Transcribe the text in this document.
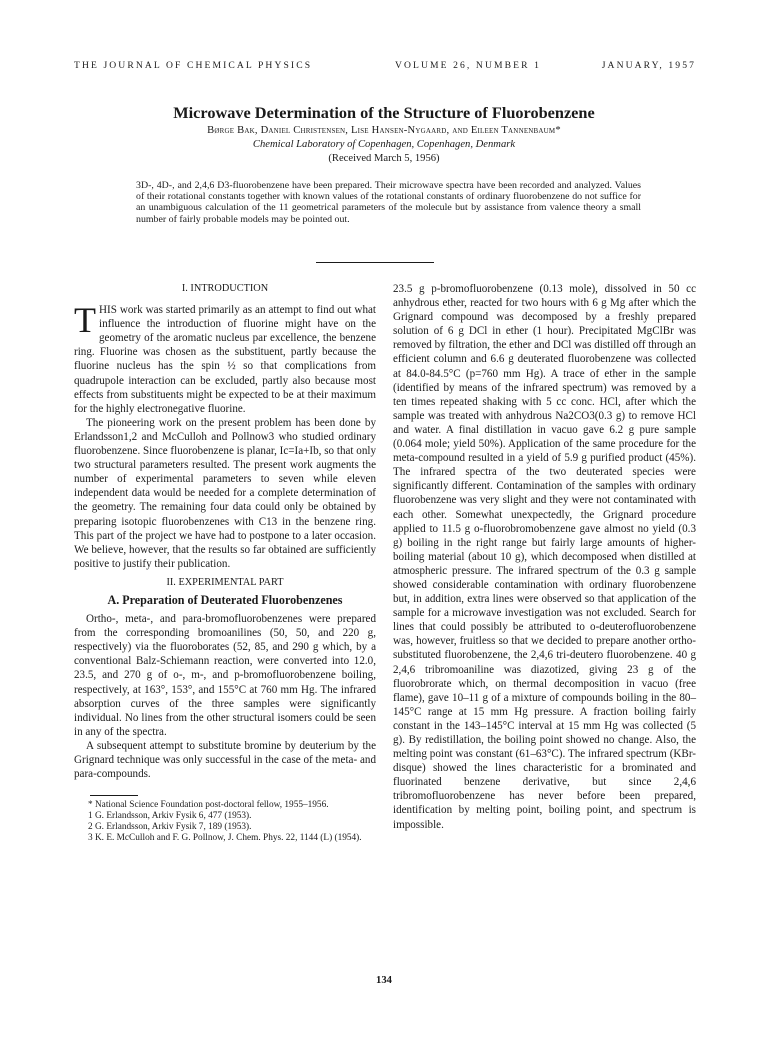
THE JOURNAL OF CHEMICAL PHYSICS	VOLUME 26, NUMBER 1	JANUARY, 1957
Microwave Determination of the Structure of Fluorobenzene
Børge Bak, Daniel Christensen, Lise Hansen-Nygaard, and Eileen Tannenbaum*
Chemical Laboratory of Copenhagen, Copenhagen, Denmark
(Received March 5, 1956)
3D-, 4D-, and 2,4,6 D3-fluorobenzene have been prepared. Their microwave spectra have been recorded and analyzed. Values of their rotational constants together with known values of the rotational constants of ordinary fluorobenzene do not suffice for an unambiguous calculation of the 11 geometrical parameters of the molecule but by assistance from valence theory a small number of fairly probable models may be pointed out.
I. INTRODUCTION

THIS work was started primarily as an attempt to find out what influence the introduction of fluorine might have on the geometry of the aromatic nucleus par excellence, the benzene ring. Fluorine was chosen as the substituent, partly because the fluorine nucleus has the spin ½ so that complications from quadrupole interaction can be excluded, partly also because most effects from substituents might be expected to be at their maximum for the highly electronegative fluorine.

The pioneering work on the present problem has been done by Erlandsson1,2 and McCulloh and Pollnow3 who studied ordinary fluorobenzene. Since fluorobenzene is planar, Ic=Ia+Ib, so that only two structural parameters resulted. The present work augments the number of experimental parameters to seven while eleven independent data would be needed for a complete determination of the geometry. The remaining four data could only be obtained by preparing isotopic fluorobenzenes with C13 in the benzene ring. This part of the project we have had to postpone to a later occasion. We believe, however, that the results so far obtained are sufficiently positive to justify their publication.

II. EXPERIMENTAL PART
A. Preparation of Deuterated Fluorobenzenes

Ortho-, meta-, and para-bromofluorobenzenes were prepared from the corresponding bromoanilines (50, 50, and 220 g, respectively) via the fluoroborates (52, 85, and 290 g which, by a conventional Balz-Schiemann reaction, were converted into 12.0, 23.5, and 270 g of o-, m-, and p-bromofluorobenzene boiling, respectively, at 163°, 153°, and 155°C at 760 mm Hg. The infrared absorption curves of the three samples were significantly individual. No lines from the other structural isomers could be seen in any of the spectra.

A subsequent attempt to substitute bromine by deuterium by the Grignard technique was only successful in the case of the meta- and para-compounds.

* National Science Foundation post-doctoral fellow, 1955–1956.
1 G. Erlandsson, Arkiv Fysik 6, 477 (1953).
2 G. Erlandsson, Arkiv Fysik 7, 189 (1953).
3 K. E. McCulloh and F. G. Pollnow, J. Chem. Phys. 22, 1144 (L) (1954).

23.5 g p-bromofluorobenzene (0.13 mole), dissolved in 50 cc anhydrous ether, reacted for two hours with 6 g Mg after which the Grignard compound was decomposed by a freshly prepared solution of 6 g DCl in ether (1 hour). Precipitated MgClBr was removed by filtration, the ether and DCl was distilled off through an efficient column and 6.6 g deuterated fluorobenzene was collected at 84.0-84.5°C (p=760 mm Hg). A trace of ether in the sample (identified by means of the infrared spectrum) was removed by a ten times repeated shaking with 5 cc conc. HCl, after which the sample was treated with anhydrous Na2CO3(0.3 g) to remove HCl and water. A final distillation in vacuo gave 6.2 g pure sample (0.064 mole; yield 50%). Application of the same procedure for the meta-compound resulted in a yield of 5.9 g purified product (45%). The infrared spectra of the two deuterated species were significantly different. Contamination of the samples with ordinary fluorobenzene was very slight and they were not contaminated with each other. Somewhat unexpectedly, the Grignard procedure applied to 11.5 g o-fluorobromobenzene gave almost no yield (0.3 g) boiling in the right range but fairly large amounts of higher-boiling material (about 10 g), which decomposed when distilled at atmospheric pressure. The infrared spectrum of the 0.3 g sample showed considerable contamination with ordinary fluorobenzene but, in addition, extra lines were observed so that application of the sample for a microwave investigation was not excluded. Search for lines that could possibly be attributed to o-deuterofluorobenzene was, however, fruitless so that we decided to prepare another ortho-substituted fluorobenzene, the 2,4,6 tri-deutero fluorobenzene. 40 g 2,4,6 tribromoaniline was diazotized, giving 23 g of the fluorobrorate which, on thermal decomposition in vacuo (free flame), gave 10–11 g of a mixture of compounds boiling in the 80–145°C range at 15 mm Hg pressure. A fraction boiling fairly constant in the 143–145°C interval at 15 mm Hg was collected (5 g). By redistillation, the boiling point showed no change. Also, the melting point was constant (61–63°C). The infrared spectrum (KBr-disque) showed the lines characteristic for a brominated and fluorinated benzene derivative, but since 2,4,6 tribromofluorobenzene has never before been prepared, identification by melting point, boiling point, and spectrum is impossible.

134
